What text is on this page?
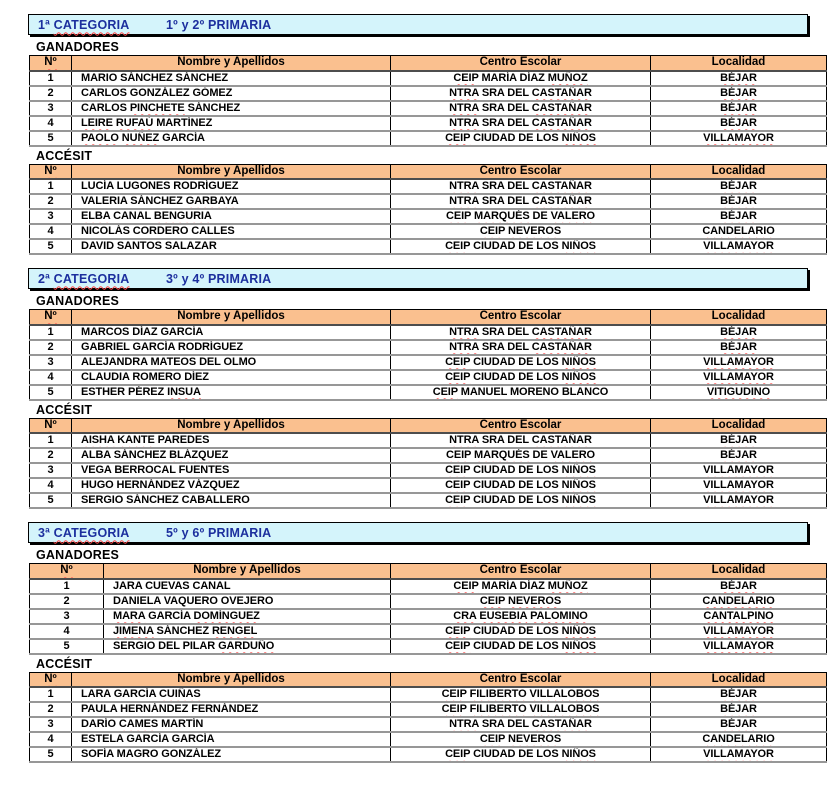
1ª CATEGORIA	1º y 2º PRIMARIA
GANADORES
Nº	Nombre y Apellidos	Centro Escolar	Localidad
1	MARIO SÁNCHEZ SÁNCHEZ	CEIP MARÍA DÍAZ MUÑOZ	BÉJAR
2	CARLOS GONZÁLEZ GÓMEZ	NTRA SRA DEL CASTAÑAR	BÉJAR
3	CARLOS PINCHETE SÁNCHEZ	NTRA SRA DEL CASTAÑAR	BÉJAR
4	LEIRE RUFAÚ MARTÍNEZ	NTRA SRA DEL CASTAÑAR	BÉJAR
5	PAOLO NUÑEZ GARCÍA	CEIP CIUDAD DE LOS NIÑOS	VILLAMAYOR
ACCÉSIT
Nº	Nombre y Apellidos	Centro Escolar	Localidad
1	LUCÍA LUGONES RODRÍGUEZ	NTRA SRA DEL CASTAÑAR	BÉJAR
2	VALERIA SÁNCHEZ GARBAYA	NTRA SRA DEL CASTAÑAR	BÉJAR
3	ELBA CANAL BENGURIA	CEIP MARQUÉS DE VALERO	BÉJAR
4	NICOLÁS CORDERO CALLES	CEIP NEVEROS	CANDELARIO
5	DAVID SANTOS SALAZAR	CEIP CIUDAD DE LOS NIÑOS	VILLAMAYOR
2ª CATEGORIA	3º y 4º PRIMARIA
GANADORES
Nº	Nombre y Apellidos	Centro Escolar	Localidad
1	MARCOS DÍAZ GARCÍA	NTRA SRA DEL CASTAÑAR	BÉJAR
2	GABRIEL GARCÍA RODRÍGUEZ	NTRA SRA DEL CASTAÑAR	BÉJAR
3	ALEJANDRA MATEOS DEL OLMO	CEIP CIUDAD DE LOS NIÑOS	VILLAMAYOR
4	CLAUDIA ROMERO DÍEZ	CEIP CIUDAD DE LOS NIÑOS	VILLAMAYOR
5	ESTHER PÉREZ INSUA	CEIP MANUEL MORENO BLANCO	VITIGUDINO
ACCÉSIT
Nº	Nombre y Apellidos	Centro Escolar	Localidad
1	AISHA KANTE PAREDES	NTRA SRA DEL CASTAÑAR	BÉJAR
2	ALBA SÁNCHEZ BLÁZQUEZ	CEIP MARQUÉS DE VALERO	BÉJAR
3	VEGA BERROCAL FUENTES	CEIP CIUDAD DE LOS NIÑOS	VILLAMAYOR
4	HUGO HERNÁNDEZ VÁZQUEZ	CEIP CIUDAD DE LOS NIÑOS	VILLAMAYOR
5	SERGIO SÁNCHEZ CABALLERO	CEIP CIUDAD DE LOS NIÑOS	VILLAMAYOR
3ª CATEGORIA	5º y 6º PRIMARIA
GANADORES
Nº	Nombre y Apellidos	Centro Escolar	Localidad
1	JARA CUEVAS CANAL	CEIP MARÍA DÍAZ MUÑOZ	BÉJAR
2	DANIELA VAQUERO OVEJERO	CEIP NEVEROS	CANDELARIO
3	MARA GARCÍA DOMÍNGUEZ	CRA EUSEBIA PALOMINO	CANTALPINO
4	JIMENA SÁNCHEZ RENGEL	CEIP CIUDAD DE LOS NIÑOS	VILLAMAYOR
5	SERGIO DEL PILAR GARDUÑO	CEIP CIUDAD DE LOS NIÑOS	VILLAMAYOR
ACCÉSIT
Nº	Nombre y Apellidos	Centro Escolar	Localidad
1	LARA GARCÍA CUIÑAS	CEIP FILIBERTO VILLALOBOS	BÉJAR
2	PAULA HERNÁNDEZ FERNÁNDEZ	CEIP FILIBERTO VILLALOBOS	BÉJAR
3	DARÍO CAMES MARTÍN	NTRA SRA DEL CASTAÑAR	BÉJAR
4	ESTELA GARCÍA GARCÍA	CEIP NEVEROS	CANDELARIO
5	SOFÍA MAGRO GONZÁLEZ	CEIP CIUDAD DE LOS NIÑOS	VILLAMAYOR
